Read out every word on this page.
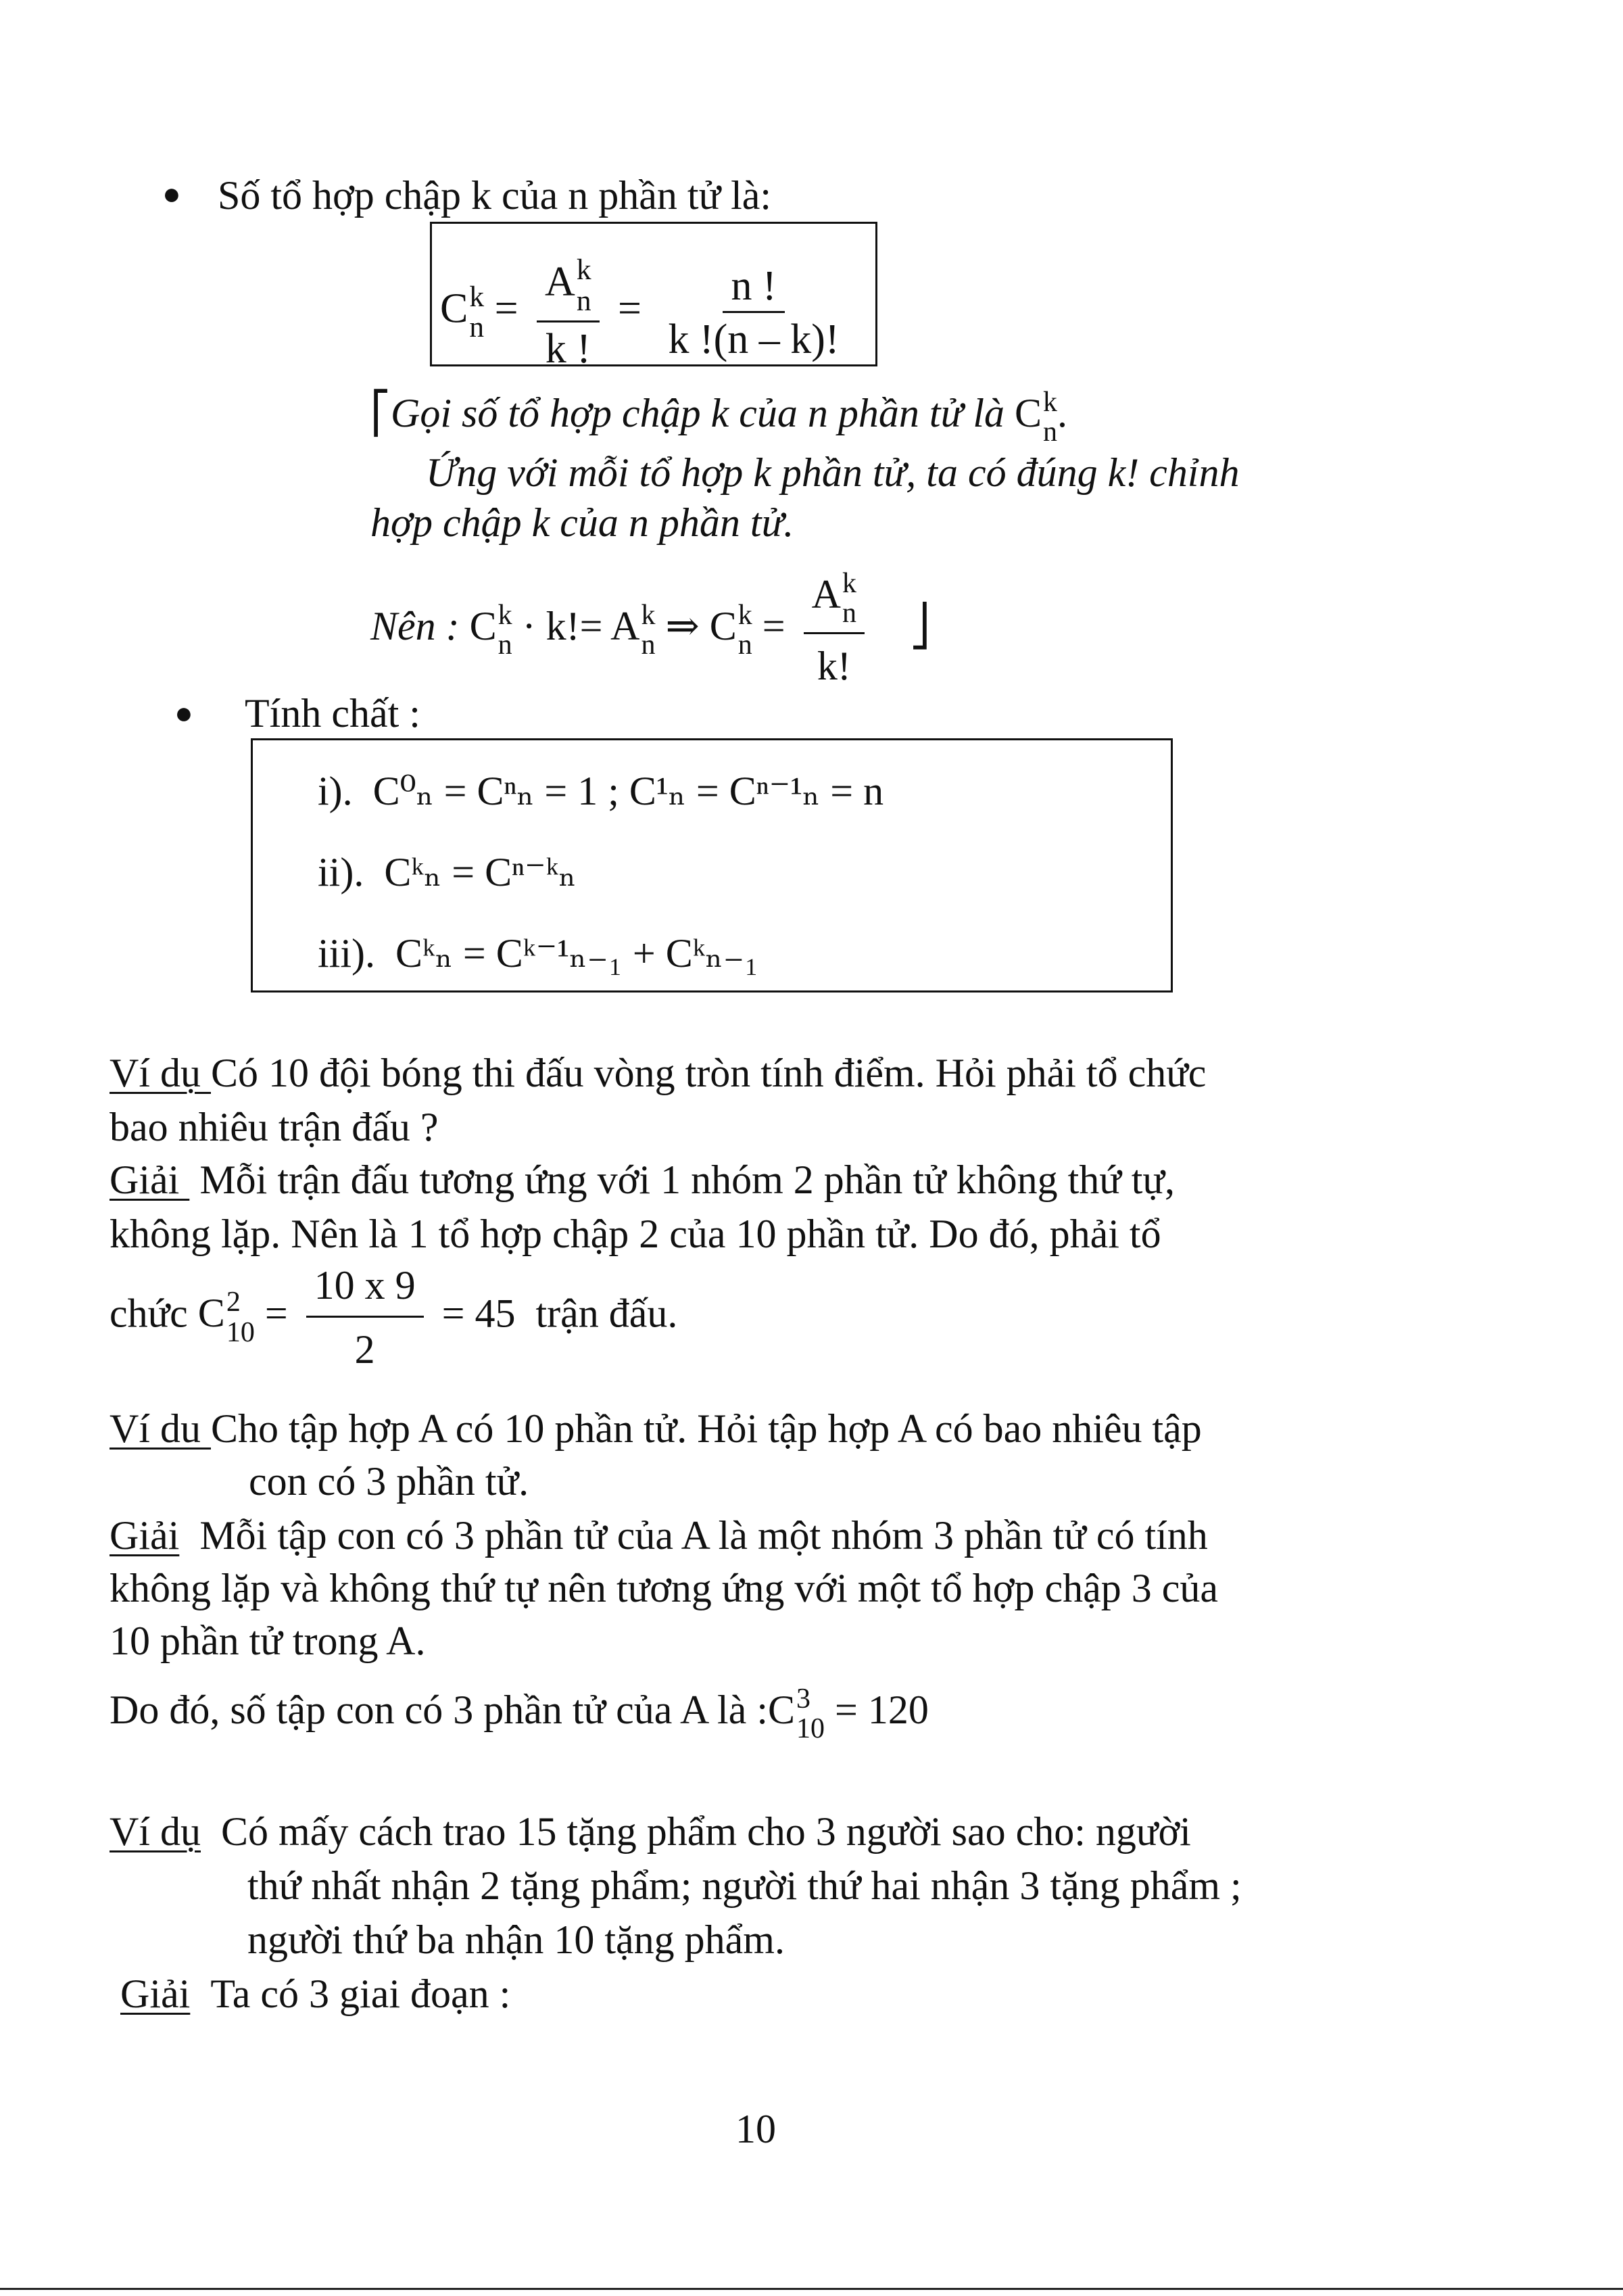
● Số tổ hợp chập k của n phần tử là:
C k
n = A k
n
k ! = $\frac{n !}{k !(n - k)!}$
⎡Gọi số tổ hợp chập k của n phần tử là C k
n .
Ứng với mỗi tổ hợp k phần tử, ta có đúng k! chỉnh
hợp chập k của n phần tử.
Nên : C k
n · k!= A k
n ⇒ C k
n = A k
n
k! ⎦
● Tính chất :
i). C⁰ₙ = Cⁿₙ = 1 ; C¹ₙ = Cⁿ⁻¹ₙ = n
ii). Cᵏₙ = Cⁿ⁻ᵏₙ
iii). Cᵏₙ = Cᵏ⁻¹ₙ₋₁ + Cᵏₙ₋₁
Ví dụ Có 10 đội bóng thi đấu vòng tròn tính điểm. Hỏi phải tổ chức
bao nhiêu trận đấu ?
Giải  Mỗi trận đấu tương ứng với 1 nhóm 2 phần tử không thứ tự,
không lặp. Nên là 1 tổ hợp chập 2 của 10 phần tử. Do đó, phải tổ
chức C 2
$10 = \frac{10 x 9}{2} = 45$ trận đấu.
Ví du Cho tập hợp A có 10 phần tử. Hỏi tập hợp A có bao nhiêu tập
con có 3 phần tử.
Giải Mỗi tập con có 3 phần tử của A là một nhóm 3 phần tử có tính
không lặp và không thứ tự nên tương ứng với một tổ hợp chập 3 của
10 phần tử trong A.
Do đó, số tập con có 3 phần tử của A là :C 3
10 = 120
Ví dụ Có mấy cách trao 15 tặng phẩm cho 3 người sao cho: người
thứ nhất nhận 2 tặng phẩm; người thứ hai nhận 3 tặng phẩm ;
người thứ ba nhận 10 tặng phẩm.
Giải Ta có 3 giai đoạn :
10
